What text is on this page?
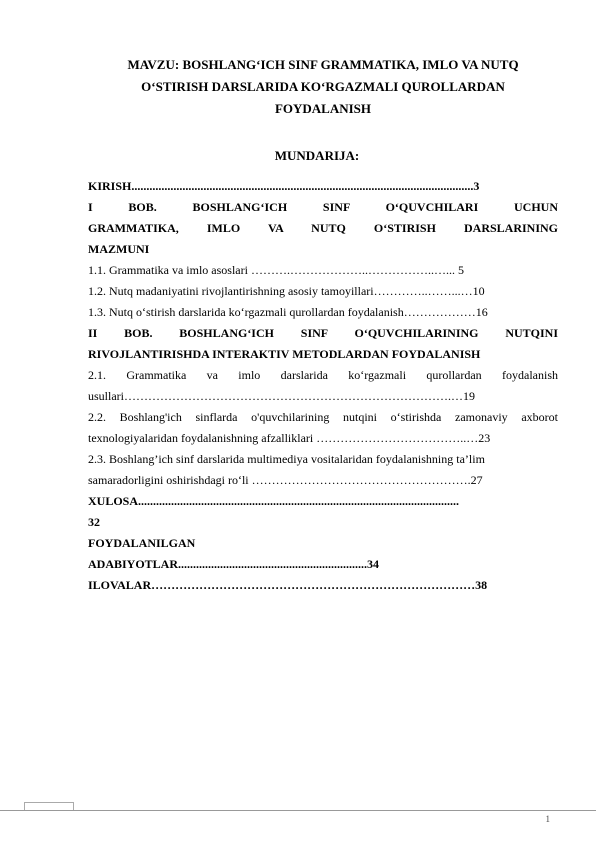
MAVZU: BOSHLANG‘ICH SINF GRAMMATIKA, IMLO VA NUTQ
O‘STIRISH DARSLARIDA KO‘RGAZMALI QUROLLARDAN
FOYDALANISH
MUNDARIJA:
KIRISH..................................................................................................................3
I BOB. BOSHLANG‘ICH SINF O‘QUVCHILARI UCHUN
GRAMMATIKA, IMLO VA NUTQ O‘STIRISH DARSLARINING
MAZMUNI
1.1. Grammatika va imlo asoslari ……….………………..……………..…... 5
1.2. Nutq madaniyatini rivojlantirishning asosiy tamoyillari…………..……...…10
1.3. Nutq o‘stirish darslarida ko‘rgazmali qurollardan foydalanish………………16
II BOB. BOSHLANG‘ICH SINF O‘QUVCHILARINING NUTQINI
RIVOJLANTIRISHDA INTERAKTIV METODLARDAN FOYDALANISH
2.1. Grammatika va imlo darslarida ko‘rgazmali qurollardan foydalanish
usullari……………………………………………………………………….…19
2.2. Boshlang'ich sinflarda o'quvchilarining nutqini o‘stirishda zamonaviy axborot
texnologiyalaridan foydalanishning afzalliklari ………………………………..…23
2.3. Boshlang’ich sinf darslarida multimediya vositalaridan foydalanishning ta’lim
samaradorligini oshirishdagi ro‘li ……………………………………………….27
XULOSA...........................................................................................................
32
FOYDALANILGAN
ADABIYOTLAR...............................................................34
ILOVALAR………………………………………………………………………38
1
